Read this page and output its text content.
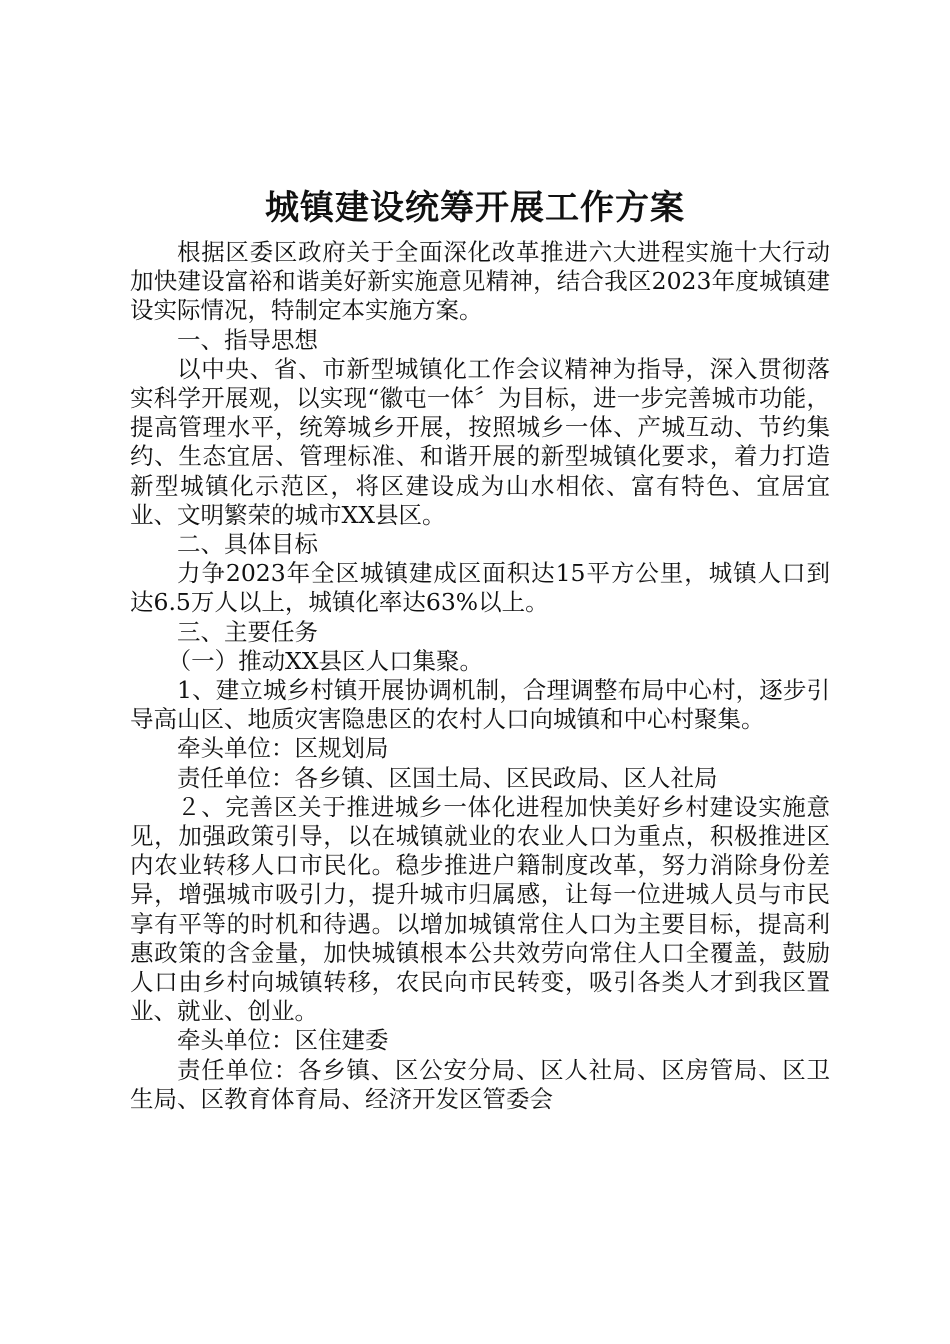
城镇建设统筹开展工作方案

根据区委区政府关于全面深化改革推进六大进程实施十大行动加快建设富裕和谐美好新实施意见精神，结合我区2023年度城镇建设实际情况，特制定本实施方案。

一、指导思想

以中央、省、市新型城镇化工作会议精神为指导，深入贯彻落实科学开展观，以实现“徽屯一体〞为目标，进一步完善城市功能，提高管理水平，统筹城乡开展，按照城乡一体、产城互动、节约集约、生态宜居、管理标准、和谐开展的新型城镇化要求，着力打造新型城镇化示范区，将区建设成为山水相依、富有特色、宜居宜业、文明繁荣的城市XX县区。

二、具体目标

力争2023年全区城镇建成区面积达15平方公里，城镇人口到达6.5万人以上，城镇化率达63%以上。

三、主要任务

（一）推动XX县区人口集聚。

1、建立城乡村镇开展协调机制，合理调整布局中心村，逐步引导高山区、地质灾害隐患区的农村人口向城镇和中心村聚集。

牵头单位：区规划局

责任单位：各乡镇、区国土局、区民政局、区人社局

２、完善区关于推进城乡一体化进程加快美好乡村建设实施意见，加强政策引导，以在城镇就业的农业人口为重点，积极推进区内农业转移人口市民化。稳步推进户籍制度改革，努力消除身份差异，增强城市吸引力，提升城市归属感，让每一位进城人员与市民享有平等的时机和待遇。以增加城镇常住人口为主要目标，提高利惠政策的含金量，加快城镇根本公共效劳向常住人口全覆盖，鼓励人口由乡村向城镇转移，农民向市民转变，吸引各类人才到我区置业、就业、创业。

牵头单位：区住建委

责任单位：各乡镇、区公安分局、区人社局、区房管局、区卫生局、区教育体育局、经济开发区管委会
